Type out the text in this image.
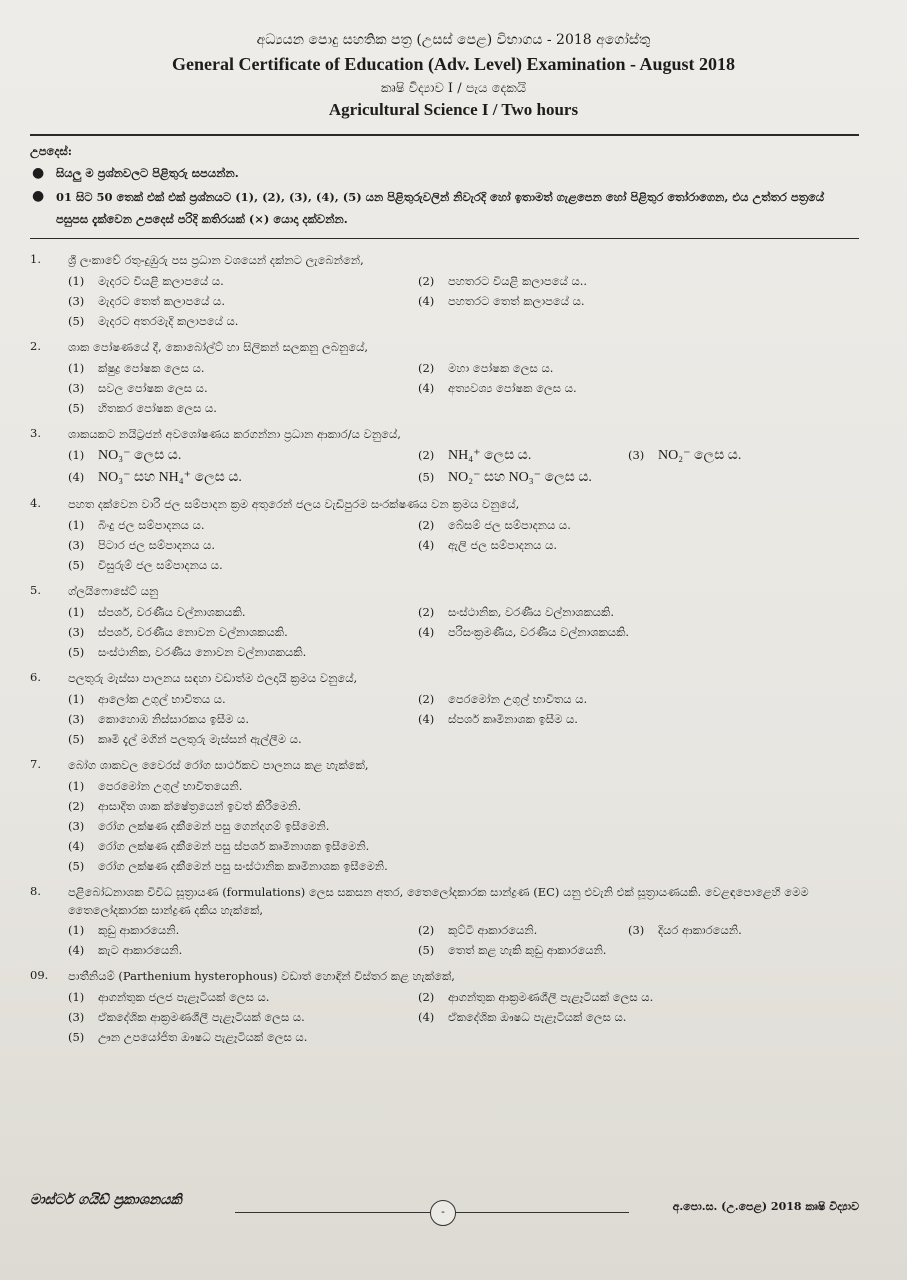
අධ්‍යයන පොදු සහතික පත්‍ර (උසස් පෙළ) විභාගය - 2018 අගෝස්තු
General Certificate of Education (Adv. Level) Examination - August 2018
කෘෂි විද්‍යාව I / පැය දෙකයි
Agricultural Science I / Two hours
උපදෙස්:
● සියලු ම ප්‍රශ්නවලට පිළිතුරු සපයන්න.
● 01 සිට 50 තෙක් එක් එක් ප්‍රශ්නයට (1), (2), (3), (4), (5) යන පිළිතුරුවලින් නිවැරදි හෝ ඉතාමත් ගැළපෙන හෝ පිළිතුර තෝරාගෙන, එය උත්තර පත්‍රයේ පසුපස දැක්වෙන උපදෙස් පරිදි කතිරයක් (×) යොදා දක්වන්න.
1. ශ්‍රී ලංකාවේ රතු-දුඹුරු පස ප්‍රධාන වශයෙන් දක්නට ලැබෙන්නේ,
(1) මැදරට වියළි කලාපයේ ය.	(2) පහතරට වියළි කලාපයේ ය..
(3) මැදරට තෙත් කලාපයේ ය.	(4) පහතරට තෙත් කලාපයේ ය.
(5) මැදරට අතරමැදි කලාපයේ ය.
2. ශාක පෝෂණයේ දී, කොබෝල්ට් හා සිලිකන් සලකනු ලබනුයේ,
(1) ක්ෂුද්‍ර පෝෂක ලෙස ය.	(2) මහා පෝෂක ලෙස ය.
(3) සවල පෝෂක ලෙස ය.	(4) අත්‍යවශ්‍ය පෝෂක ලෙස ය.
(5) හිතකර පෝෂක ලෙස ය.
3. ශාකයකට නයිට්‍රජන් අවශෝෂණය කරගන්නා ප්‍රධාන ආකාර/ය වනුයේ,
(1) NO₃⁻ ලෙස ය.	(2) NH₄⁺ ලෙස ය.	(3) NO₂⁻ ලෙස ය.
(4) NO₃⁻ සහ NH₄⁺ ලෙස ය.	(5) NO₂⁻ සහ NO₃⁻ ලෙස ය.
4. පහත දක්වෙන වාරි ජල සම්පාදන ක්‍රම අතුරෙන් ජලය වැඩිපුරම සංරක්ෂණය වන ක්‍රමය වනුයේ,
(1) බිංදු ජල සම්පාදනය ය.	(2) බේසම් ජල සම්පාදනය ය.
(3) පිටාර ජල සම්පාදනය ය.	(4) ඇලි ජල සම්පාදනය ය.
(5) විසුරුම් ජල සම්පාදනය ය.
5. ග්ලයිෆොසේට් යනු
(1) ස්පර්ශ, වරණීය වල්නාශකයකි.	(2) සංස්ථානික, වරණීය වල්නාශකයකි.
(3) ස්පර්ශ, වරණීය නොවන වල්නාශකයකි.	(4) පරිසංක්‍රමණීය, වරණීය වල්නාශකයකි.
(5) සංස්ථානික, වරණීය නොවන වල්නාශකයකි.
6. පලතුරු මැස්සා පාලනය සඳහා වඩාත්ම ඵලදායි ක්‍රමය වනුයේ,
(1) ආලෝක උගුල් භාවිතය ය.	(2) පෙරමෝන උගුල් භාවිතය ය.
(3) කොහොඹ නිස්සාරකය ඉසීම ය.	(4) ස්පර්ශ කෘමිනාශක ඉසීම ය.
(5) කෘමි දැල් මගින් පලතුරු මැස්සන් ඇල්ලීම ය.
7. බෝග ශාකවල වෛරස් රෝග සාර්ථකව පාලනය කළ හැක්කේ,
(1) පෙරමෝන උගුල් භාවිතයෙනි.
(2) ආසාදිත ශාක ක්ෂේත්‍රයෙන් ඉවත් කිරීමෙනි.
(3) රෝග ලක්ෂණ දකීමෙන් පසු ගෙන්දගම් ඉසීමෙනි.
(4) රෝග ලක්ෂණ දකීමෙන් පසු ස්පර්ශ කෘමිනාශක ඉසීමෙනි.
(5) රෝග ලක්ෂණ දකීමෙන් පසු සංස්ථානික කෘමිනාශක ඉසීමෙනි.
8. පළිබෝධනාශක විවිධ සූත්‍රායණ (formulations) ලෙස සකසන අතර, තෛලෝදකාරක සාන්ද්‍රණ (EC) යනු එවැනි එක් සූත්‍රායණයකි. වෙළඳපොළෙහි මෙම තෛලෝදකාරක සාන්ද්‍රණ දකිය හැක්කේ,
(1) කුඩු ආකාරයෙනි.	(2) කුට්ටි ආකාරයෙනි.	(3) දියර ආකාරයෙනි.
(4) කැට ආකාරයෙනි.	(5) තෙත් කළ හැකි කුඩු ආකාරයෙනි.
09. පාතීනියම් (Parthenium hysterophous) වඩාත් හොඳින් විස්තර කළ හැක්කේ,
(1) ආගන්තුක ජලජ පැළෑටියක් ලෙස ය.	(2) ආගන්තුක ආක්‍රමණශීලී පැළෑටියක් ලෙස ය.
(3) ඒකදේශික ආක්‍රමණශීලී පැළෑටියක් ලෙස ය.	(4) ඒකදේශික ඖෂධ පැළෑටියක් ලෙස ය.
(5) ඌන උපයෝජිත ඖෂධ පැළෑටියක් ලෙස ය.
මාස්ටර් ගයිඩ් ප්‍රකාශනයකි
-	අ.පො.ස. (උ.පෙළ) 2018 කෘෂි විද්‍යාව
